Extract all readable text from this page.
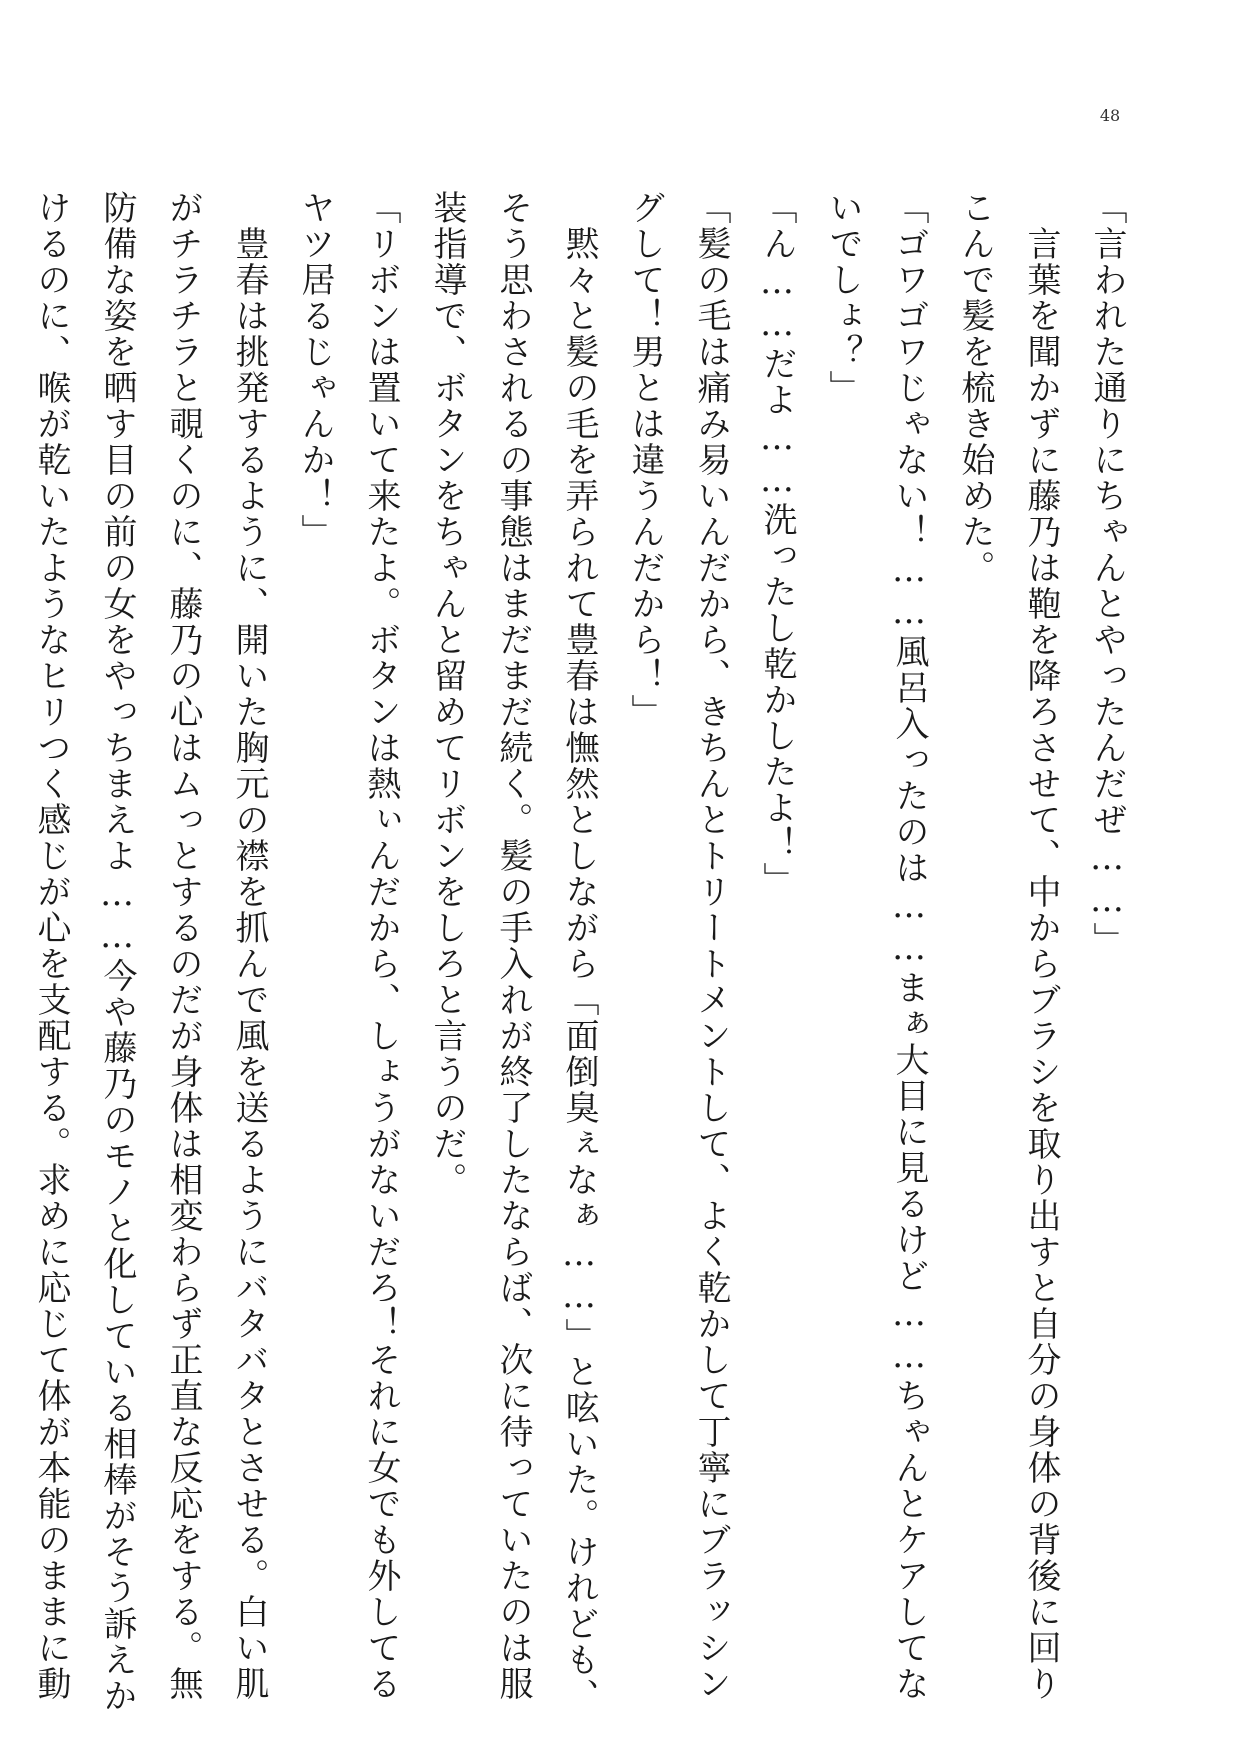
48
「言われた通りにちゃんとやったんだぜ……」
　言葉を聞かずに藤乃は鞄を降ろさせて、中からブラシを取り出すと自分の身体の背後に回り
こんで髪を梳き始めた。
「ゴワゴワじゃない！……風呂入ったのは……まぁ大目に見るけど……ちゃんとケアしてな
いでしょ？」
「ん……だよ……洗ったし乾かしたよ！」
「髪の毛は痛み易いんだから、きちんとトリートメントして、よく乾かして丁寧にブラッシン
グして！男とは違うんだから！」
　黙々と髪の毛を弄られて豊春は憮然としながら「面倒臭ぇなぁ……」と呟いた。けれども、
そう思わされるの事態はまだまだ続く。髪の手入れが終了したならば、次に待っていたのは服
装指導で、ボタンをちゃんと留めてリボンをしろと言うのだ。
「リボンは置いて来たよ。ボタンは熱ぃんだから、しょうがないだろ！それに女でも外してる
ヤツ居るじゃんか！」
　豊春は挑発するように、開いた胸元の襟を抓んで風を送るようにバタバタとさせる。白い肌
がチラチラと覗くのに、藤乃の心はムっとするのだが身体は相変わらず正直な反応をする。無
防備な姿を晒す目の前の女をやっちまえよ……今や藤乃のモノと化している相棒がそう訴えか
けるのに、喉が乾いたようなヒリつく感じが心を支配する。求めに応じて体が本能のままに動
